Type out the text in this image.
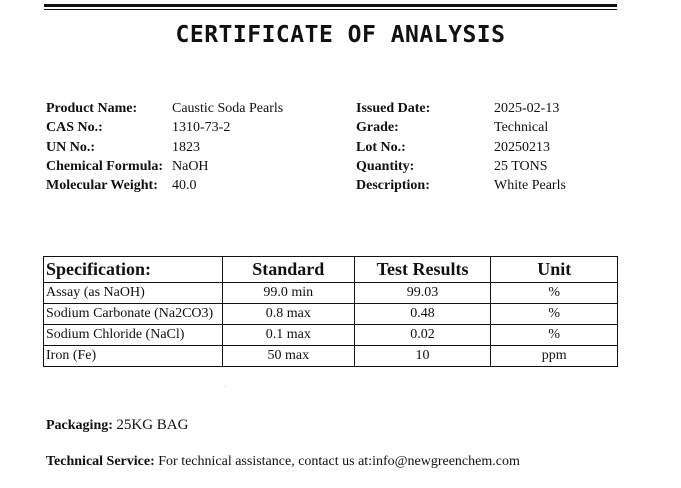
CERTIFICATE OF ANALYSIS
Product Name: Caustic Soda Pearls
CAS No.:	1310-73-2
UN No.:	1823
Chemical Formula: NaOH
Molecular Weight: 40.0
Issued Date:	2025-02-13
Grade:	Technical
Lot No.:	20250213
Quantity:	25 TONS
Description:	White Pearls
Specification:	Standard	Test Results	Unit
Assay (as NaOH)	99.0 min	99.03	%
Sodium Carbonate (Na2CO3)	0.8 max	0.48	%
Sodium Chloride (NaCl)	0.1 max	0.02	%
Iron (Fe)	50 max	10	ppm
Packaging: 25KG BAG
Technical Service: For technical assistance, contact us at:info@newgreenchem.com
